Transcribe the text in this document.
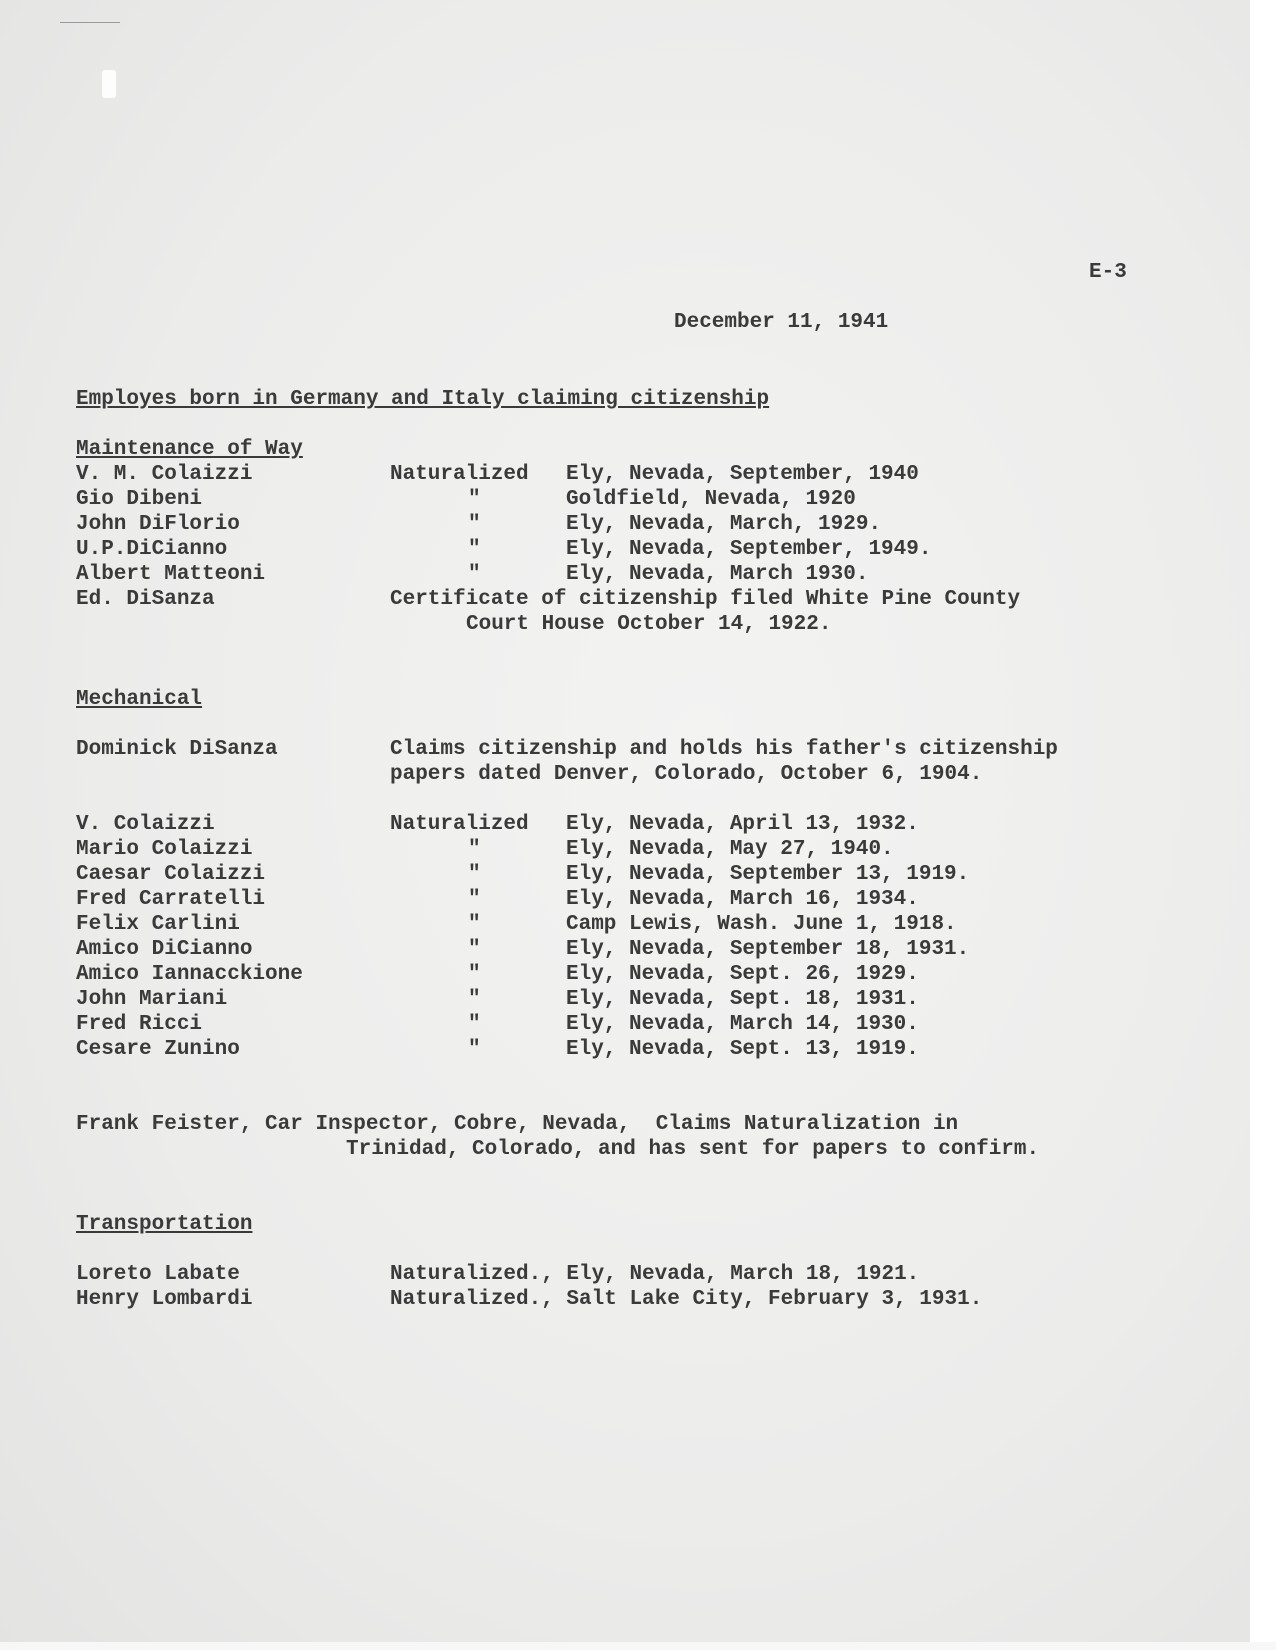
E-3
December 11, 1941
Employes born in Germany and Italy claiming citizenship
Maintenance of Way
V. M. Colaizzi	Naturalized Ely, Nevada, September, 1940
Gio Dibeni	"	Goldfield, Nevada, 1920
John DiFlorio	"	Ely, Nevada, March, 1929.
U.P.DiCianno	"	Ely, Nevada, September, 1949.
Albert Matteoni	"	Ely, Nevada, March 1930.
Ed. DiSanza	Certificate of citizenship filed White Pine County
Court House October 14, 1922.
Mechanical
Dominick DiSanza	Claims citizenship and holds his father's citizenship
papers dated Denver, Colorado, October 6, 1904.
V. Colaizzi	Naturalized Ely, Nevada, April 13, 1932.
Mario Colaizzi	"	Ely, Nevada, May 27, 1940.
Caesar Colaizzi	"	Ely, Nevada, September 13, 1919.
Fred Carratelli	"	Ely, Nevada, March 16, 1934.
Felix Carlini	"	Camp Lewis, Wash. June 1, 1918.
Amico DiCianno	"	Ely, Nevada, September 18, 1931.
Amico Iannacckione	"	Ely, Nevada, Sept. 26, 1929.
John Mariani	"	Ely, Nevada, Sept. 18, 1931.
Fred Ricci	"	Ely, Nevada, March 14, 1930.
Cesare Zunino	"	Ely, Nevada, Sept. 13, 1919.
Frank Feister, Car Inspector, Cobre, Nevada,  Claims Naturalization in
Trinidad, Colorado, and has sent for papers to confirm.
Transportation
Loreto Labate	Naturalized., Ely, Nevada, March 18, 1921.
Henry Lombardi	Naturalized., Salt Lake City, February 3, 1931.
